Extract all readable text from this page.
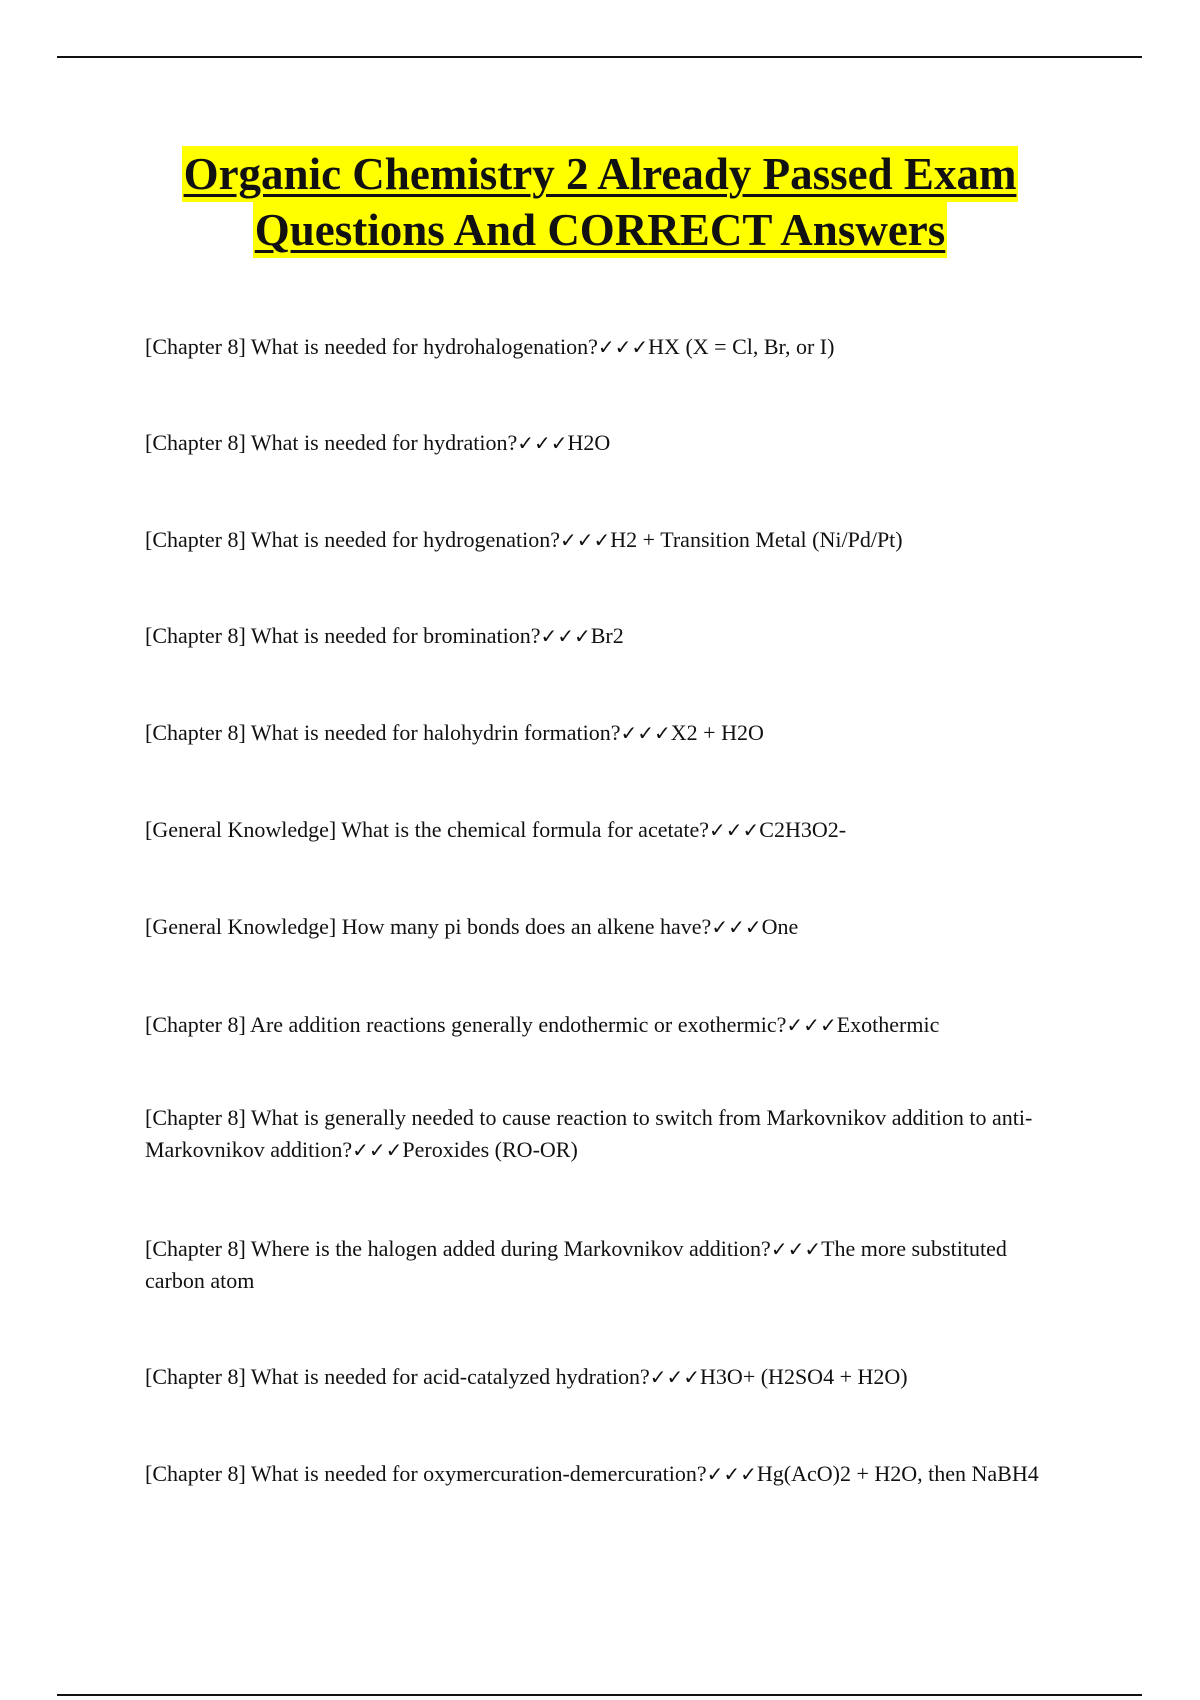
Organic Chemistry 2 Already Passed Exam
Questions And CORRECT Answers

[Chapter 8] What is needed for hydrohalogenation?✓✓✓HX (X = Cl, Br, or I)

[Chapter 8] What is needed for hydration?✓✓✓H2O

[Chapter 8] What is needed for hydrogenation?✓✓✓H2 + Transition Metal (Ni/Pd/Pt)

[Chapter 8] What is needed for bromination?✓✓✓Br2

[Chapter 8] What is needed for halohydrin formation?✓✓✓X2 + H2O

[General Knowledge] What is the chemical formula for acetate?✓✓✓C2H3O2-

[General Knowledge] How many pi bonds does an alkene have?✓✓✓One

[Chapter 8] Are addition reactions generally endothermic or exothermic?✓✓✓Exothermic

[Chapter 8] What is generally needed to cause reaction to switch from Markovnikov addition to anti-Markovnikov addition?✓✓✓Peroxides (RO-OR)

[Chapter 8] Where is the halogen added during Markovnikov addition?✓✓✓The more substituted carbon atom

[Chapter 8] What is needed for acid-catalyzed hydration?✓✓✓H3O+ (H2SO4 + H2O)

[Chapter 8] What is needed for oxymercuration-demercuration?✓✓✓Hg(AcO)2 + H2O, then NaBH4
